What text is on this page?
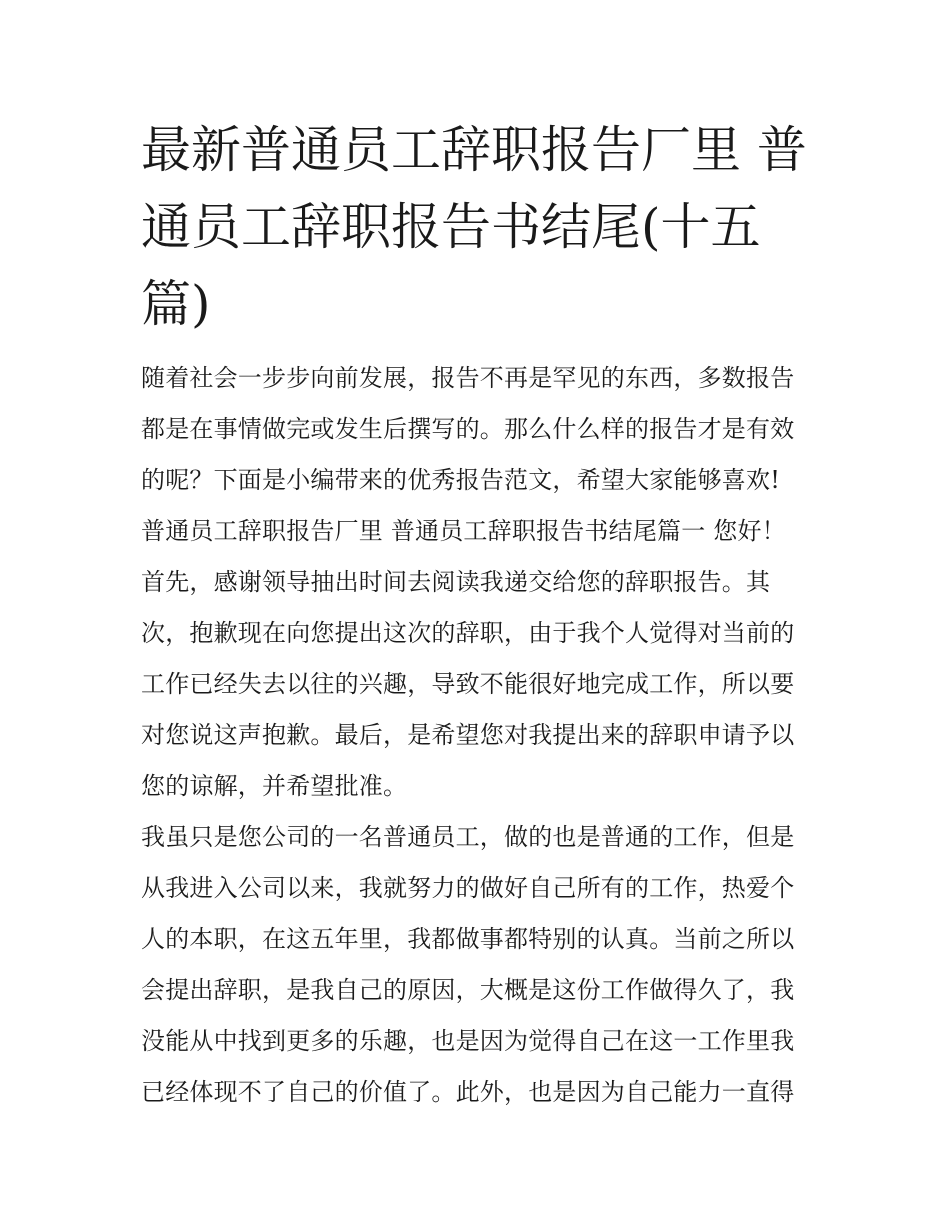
最新普通员工辞职报告厂里 普
通员工辞职报告书结尾(十五
篇)
随着社会一步步向前发展，报告不再是罕见的东西，多数报告
都是在事情做完或发生后撰写的。那么什么样的报告才是有效
的呢？下面是小编带来的优秀报告范文，希望大家能够喜欢!
普通员工辞职报告厂里 普通员工辞职报告书结尾篇一 您好！
首先，感谢领导抽出时间去阅读我递交给您的辞职报告。其
次，抱歉现在向您提出这次的辞职，由于我个人觉得对当前的
工作已经失去以往的兴趣，导致不能很好地完成工作，所以要
对您说这声抱歉。最后，是希望您对我提出来的辞职申请予以
您的谅解，并希望批准。
我虽只是您公司的一名普通员工，做的也是普通的工作，但是
从我进入公司以来，我就努力的做好自己所有的工作，热爱个
人的本职，在这五年里，我都做事都特别的认真。当前之所以
会提出辞职，是我自己的原因，大概是这份工作做得久了，我
没能从中找到更多的乐趣，也是因为觉得自己在这一工作里我
已经体现不了自己的价值了。此外，也是因为自己能力一直得
